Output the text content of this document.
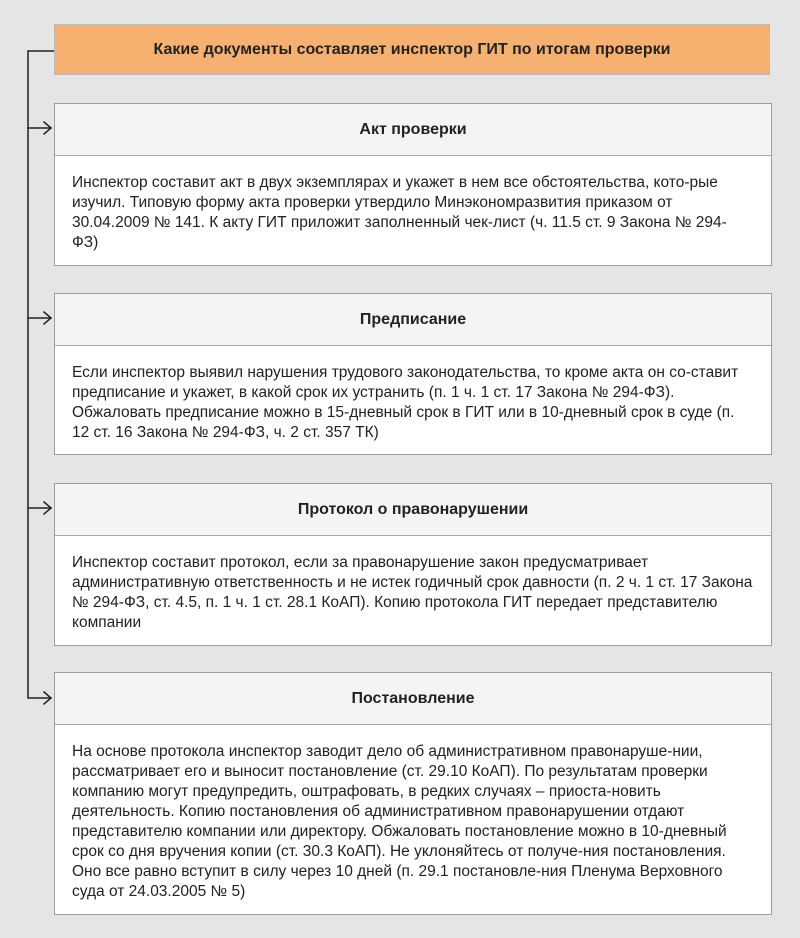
Какие документы составляет инспектор ГИТ по итогам проверки
Акт проверки
Инспектор составит акт в двух экземплярах и укажет в нем все обстоятельства, кото-рые изучил. Типовую форму акта проверки утвердило Минэкономразвития приказом от 30.04.2009 № 141. К акту ГИТ приложит заполненный чек-лист (ч. 11.5 ст. 9 Закона № 294-ФЗ)
Предписание
Если инспектор выявил нарушения трудового законодательства, то кроме акта он со-ставит предписание и укажет, в какой срок их устранить (п. 1 ч. 1 ст. 17 Закона № 294-ФЗ). Обжаловать предписание можно в 15-дневный срок в ГИТ или в 10-дневный срок в суде (п. 12 ст. 16 Закона № 294-ФЗ, ч. 2 ст. 357 ТК)
Протокол о правонарушении
Инспектор составит протокол, если за правонарушение закон предусматривает административную ответственность и не истек годичный срок давности (п. 2 ч. 1 ст. 17 Закона № 294-ФЗ, ст. 4.5, п. 1 ч. 1 ст. 28.1 КоАП). Копию протокола ГИТ передает представителю компании
Постановление
На основе протокола инспектор заводит дело об административном правонаруше-нии, рассматривает его и выносит постановление (ст. 29.10 КоАП). По результатам проверки компанию могут предупредить, оштрафовать, в редких случаях – приоста-новить деятельность. Копию постановления об административном правонарушении отдают представителю компании или директору. Обжаловать постановление можно в 10-дневный срок со дня вручения копии (ст. 30.3 КоАП). Не уклоняйтесь от получе-ния постановления. Оно все равно вступит в силу через 10 дней (п. 29.1 постановле-ния Пленума Верховного суда от 24.03.2005 № 5)
